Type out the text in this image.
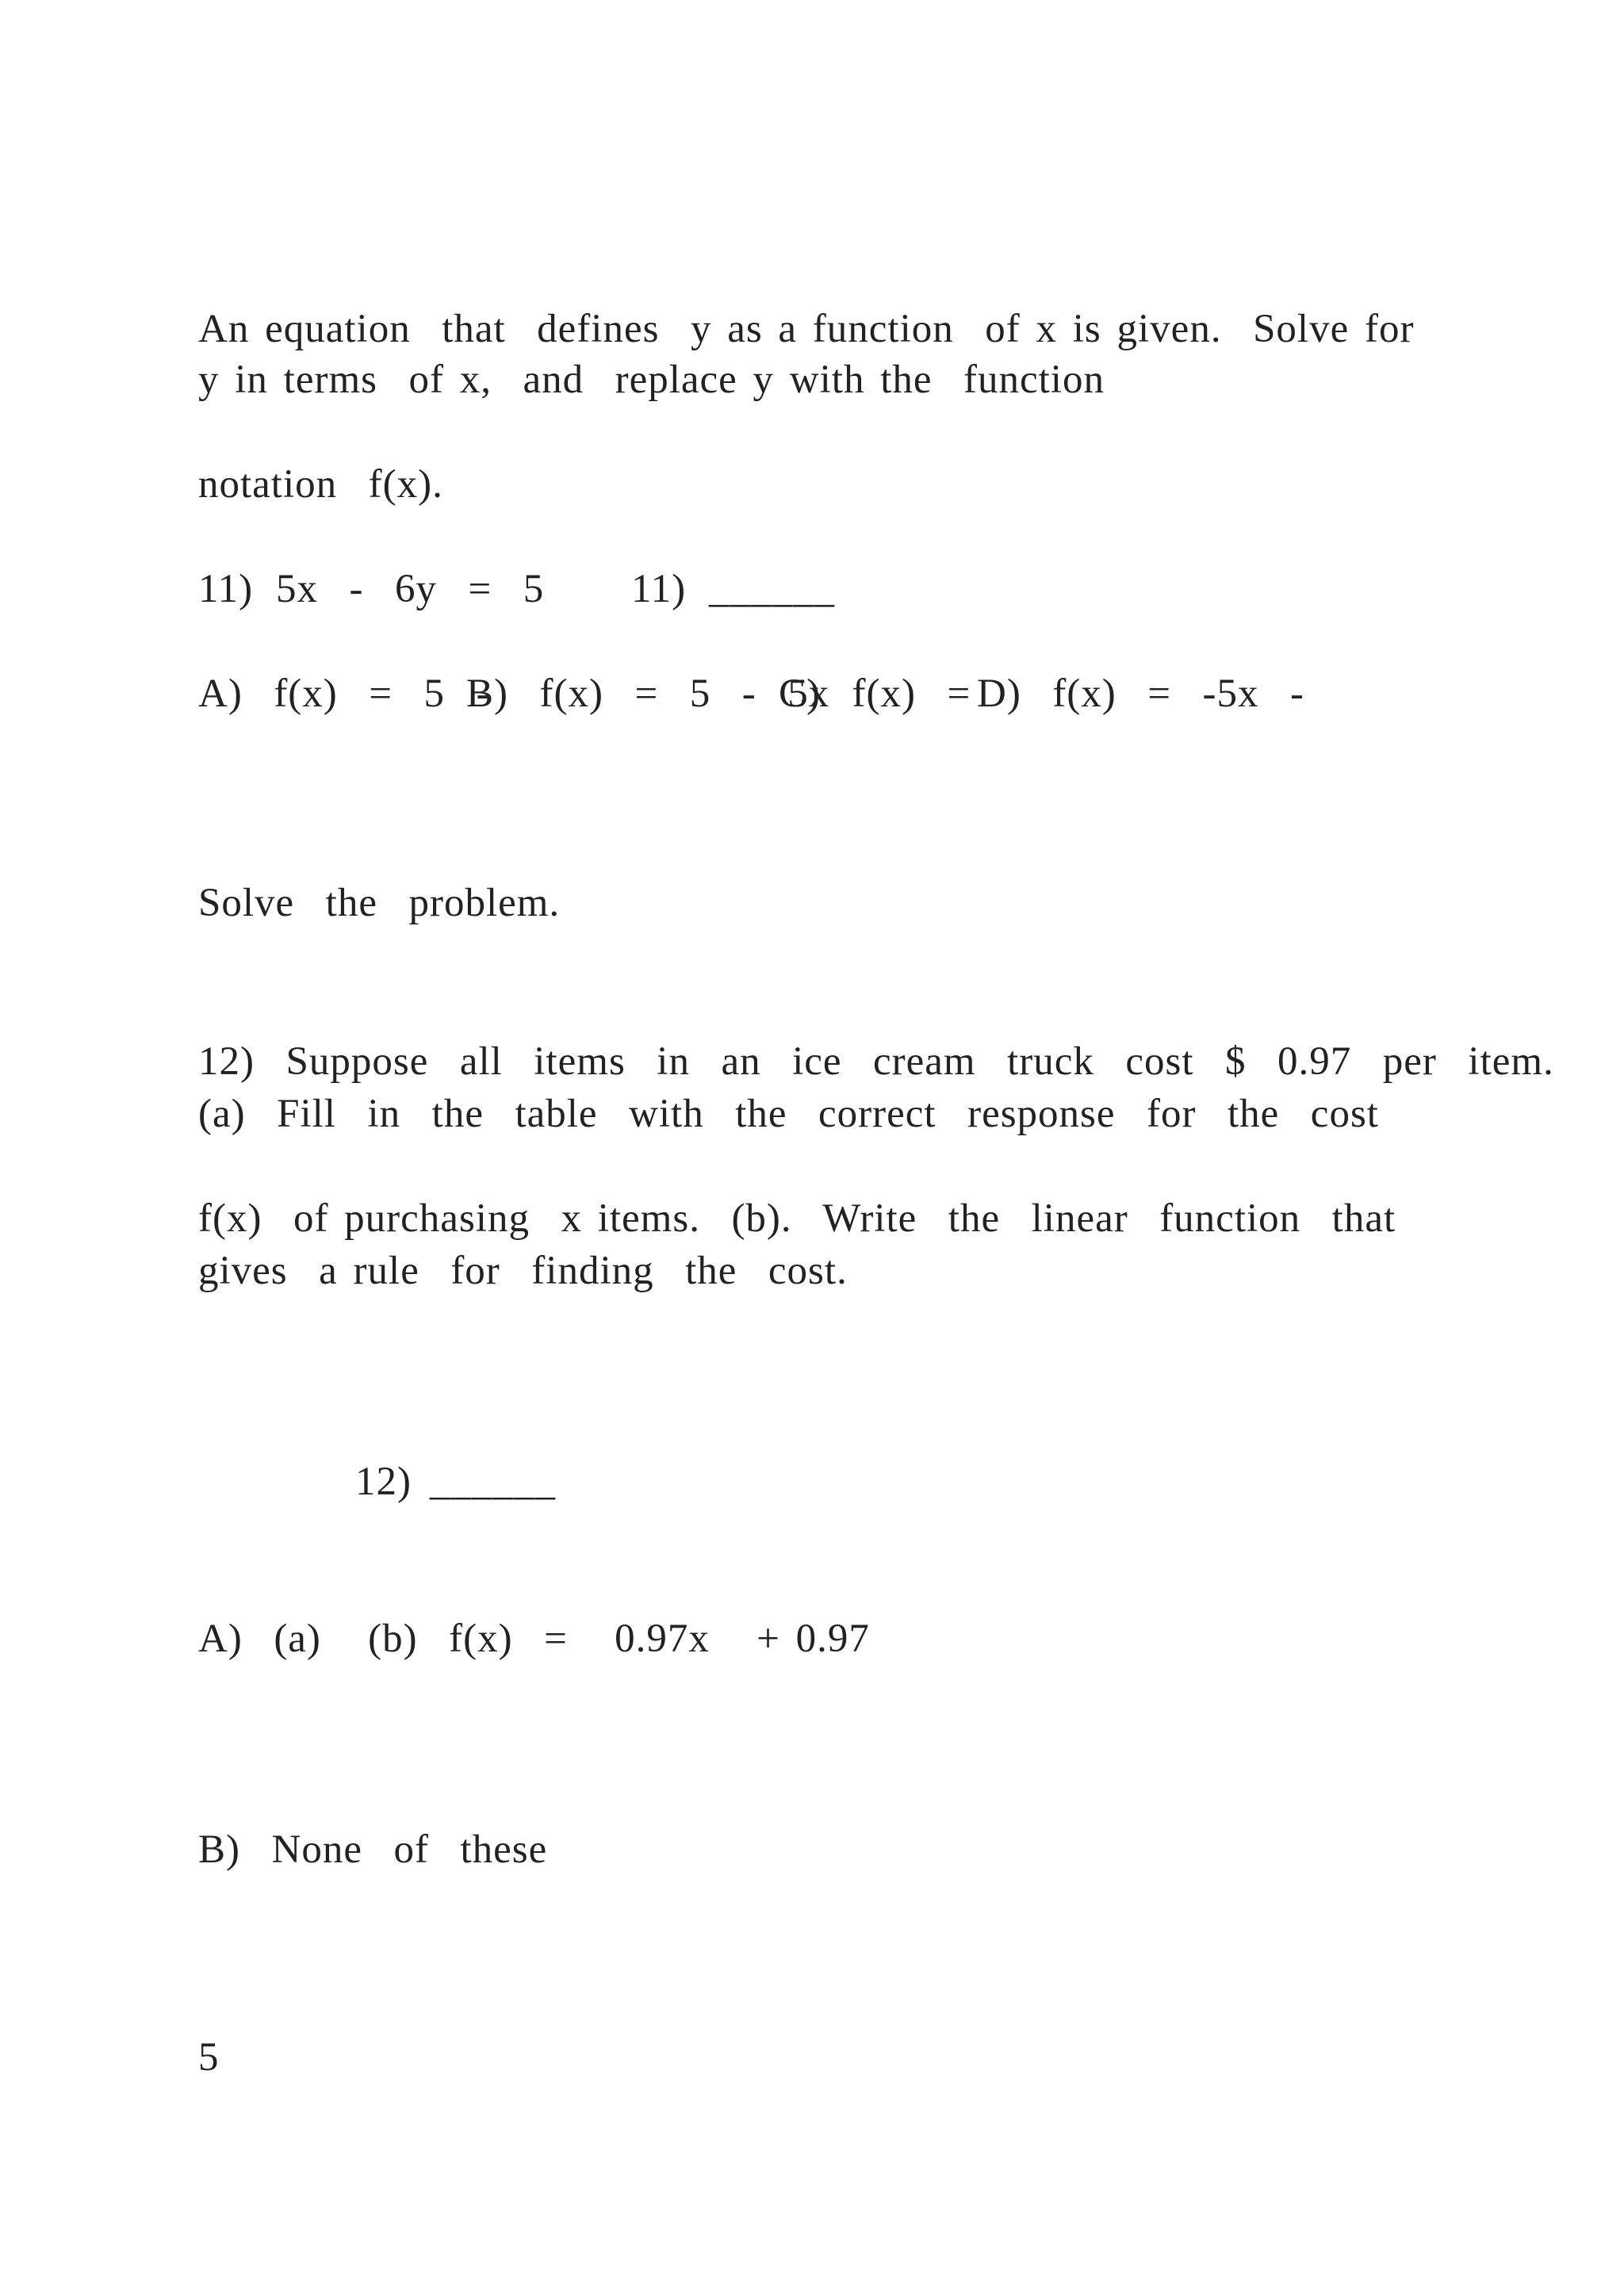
An equation  that  defines  y as a function  of x is given.  Solve for
y in terms  of x,  and  replace y with the  function
notation  f(x).
11) 5x  -  6y  =  5 11) ______
A)  f(x)  =  5  -
B)  f(x)  =  5  -  5x
C)  f(x)  = D)  f(x)  =  -5x  -
Solve  the  problem.
12)  Suppose  all  items  in  an  ice  cream  truck  cost  $  0.97  per  item.
(a)  Fill  in  the  table  with  the  correct  response  for  the  cost
f(x)  of purchasing  x items.  (b).  Write  the  linear  function  that
gives  a rule  for  finding  the  cost.
12) ______
A)  (a)   (b)  f(x)  =   0.97x   + 0.97
B)  None  of  these
5
